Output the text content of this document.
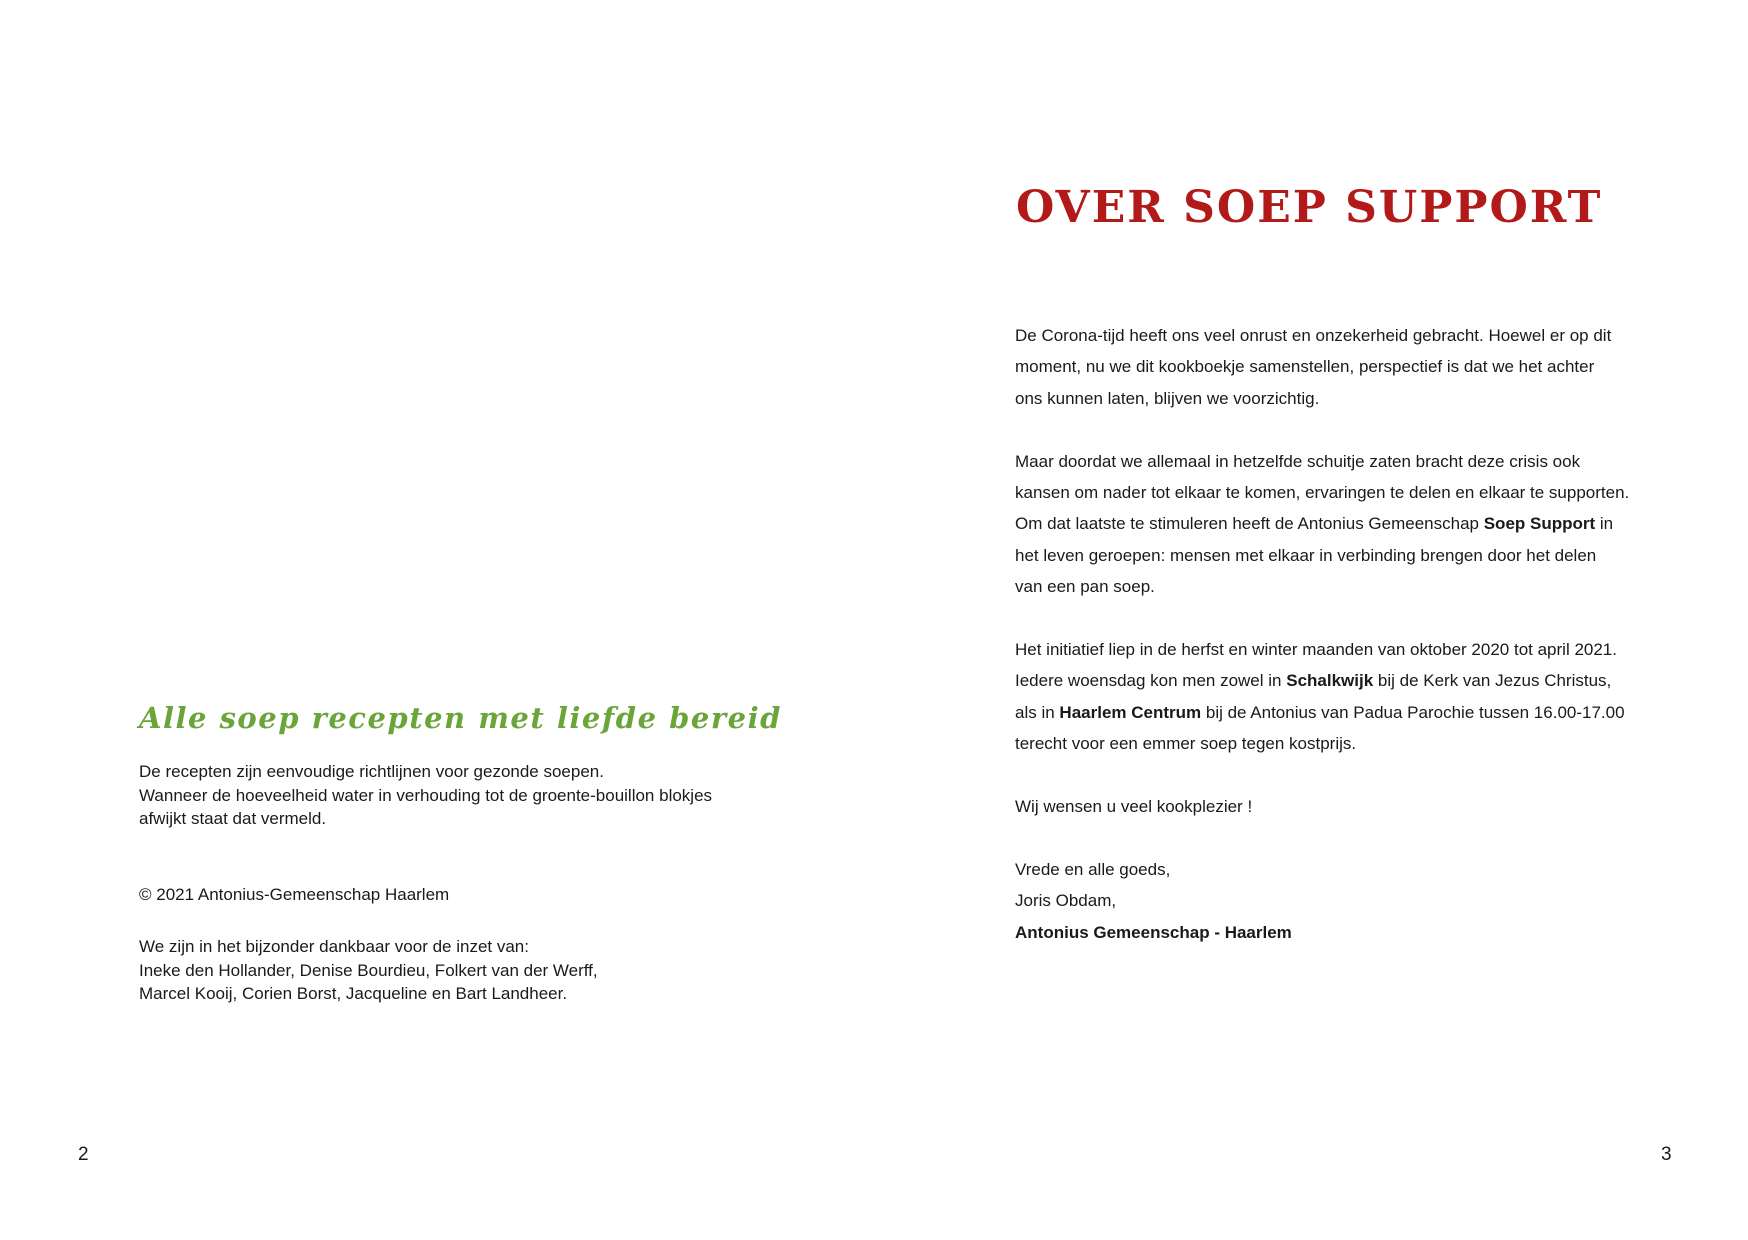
Alle soep recepten met liefde bereid

De recepten zijn eenvoudige richtlijnen voor gezonde soepen.

Wanneer de hoeveelheid water in verhouding tot de groente-bouillon blokjes

afwijkt staat dat vermeld.

© 2021 Antonius-Gemeenschap Haarlem

We zijn in het bijzonder dankbaar voor de inzet van:

Ineke den Hollander, Denise Bourdieu, Folkert van der Werff,

Marcel Kooij, Corien Borst, Jacqueline en Bart Landheer.

2
OVER SOEP SUPPORT
De Corona-tijd heeft ons veel onrust en onzekerheid gebracht. Hoewel er op dit
moment, nu we dit kookboekje samenstellen, perspectief is dat we het achter
ons kunnen laten, blijven we voorzichtig.
Maar doordat we allemaal in hetzelfde schuitje zaten bracht deze crisis ook
kansen om nader tot elkaar te komen, ervaringen te delen en elkaar te supporten.
Om dat laatste te stimuleren heeft de Antonius Gemeenschap Soep Support in
het leven geroepen: mensen met elkaar in verbinding brengen door het delen
van een pan soep.
Het initiatief liep in de herfst en winter maanden van oktober 2020 tot april 2021.
Iedere woensdag kon men zowel in Schalkwijk bij de Kerk van Jezus Christus,
als in Haarlem Centrum bij de Antonius van Padua Parochie tussen 16.00-17.00
terecht voor een emmer soep tegen kostprijs.
Wij wensen u veel kookplezier !
Vrede en alle goeds,
Joris Obdam,
Antonius Gemeenschap - Haarlem
3
